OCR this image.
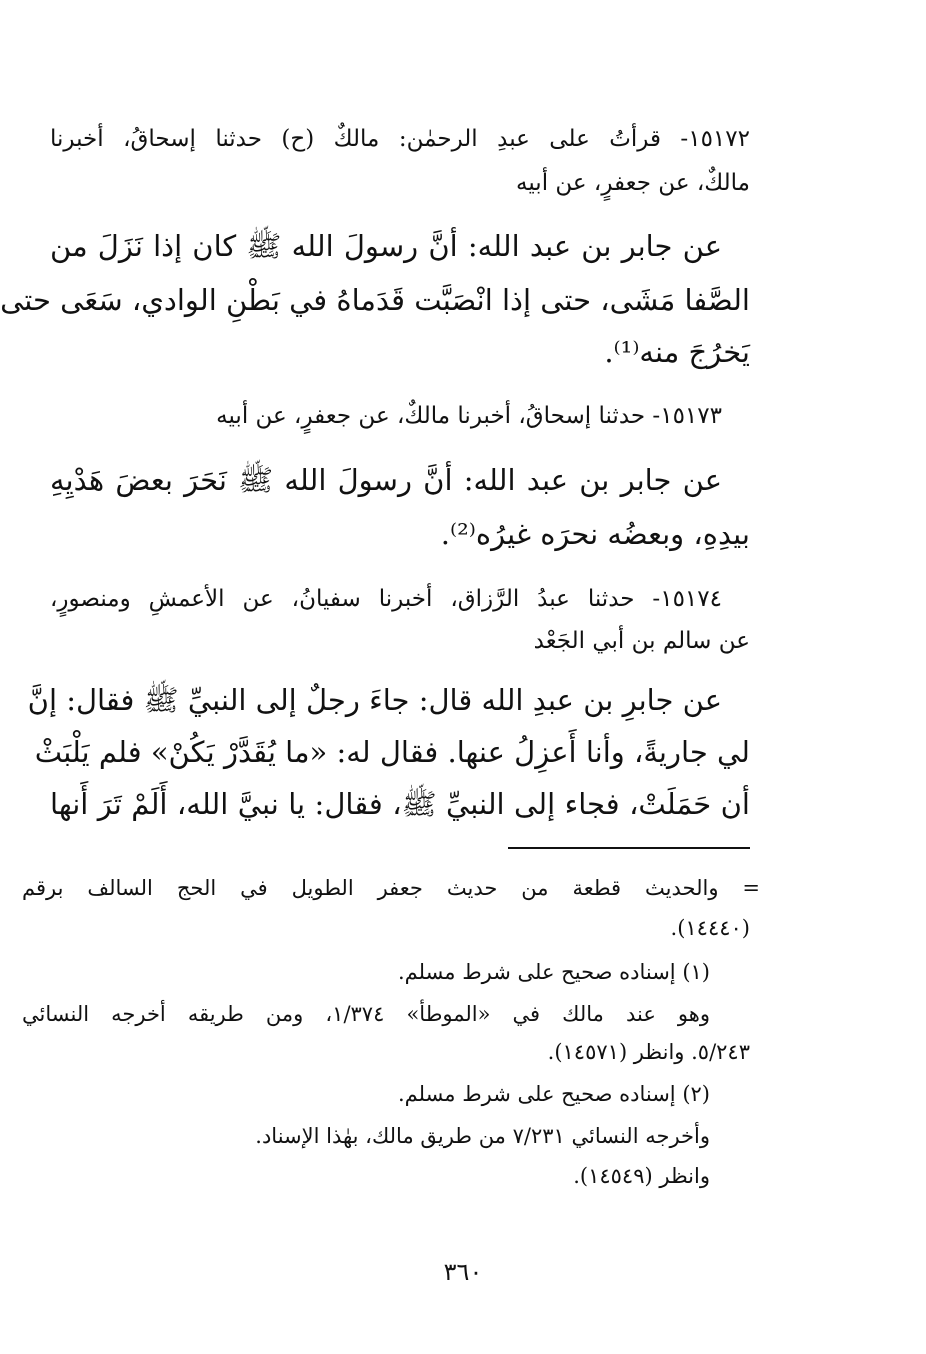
١٥١٧٢- قرأتُ على عبدِ الرحمٰن: مالكٌ (ح) حدثنا إسحاقُ، أخبرنا
مالكٌ، عن جعفرٍ، عن أبيه
عن جابر بن عبد الله: أنَّ رسولَ الله ﷺ كان إذا نَزَلَ من
الصَّفا مَشَى، حتى إذا انْصَبَّت قَدَماهُ في بَطْنِ الوادي، سَعَى حتى
يَخرُجَ منه⁽¹⁾.
١٥١٧٣- حدثنا إسحاقُ، أخبرنا مالكٌ، عن جعفرٍ، عن أبيه
عن جابر بن عبد الله: أنَّ رسولَ الله ﷺ نَحَرَ بعضَ هَدْيِهِ
بيدِهِ، وبعضُه نحرَه غيرُه⁽²⁾.
١٥١٧٤- حدثنا عبدُ الرَّزاق، أخبرنا سفيانُ، عن الأعمشِ ومنصورٍ،
عن سالم بن أبي الجَعْد
عن جابرِ بن عبدِ الله قال: جاءَ رجلٌ إلى النبيِّ ﷺ فقال: إنَّ
لي جاريةً، وأنا أَعزِلُ عنها. فقال له: «ما يُقَدَّرْ يَكُنْ» فلم يَلْبَثْ
أن حَمَلَتْ، فجاء إلى النبيِّ ﷺ، فقال: يا نبيَّ الله، أَلَمْ تَرَ أَنها
= والحديث قطعة من حديث جعفر الطويل في الحج السالف برقم
(١٤٤٤٠).
(١) إسناده صحيح على شرط مسلم.
وهو عند مالك في «الموطأ» ١/٣٧٤، ومن طريقه أخرجه النسائي
٥/٢٤٣. وانظر (١٤٥٧١).
(٢) إسناده صحيح على شرط مسلم.
وأخرجه النسائي ٧/٢٣١ من طريق مالك، بهٰذا الإسناد.
وانظر (١٤٥٤٩).
٣٦٠
